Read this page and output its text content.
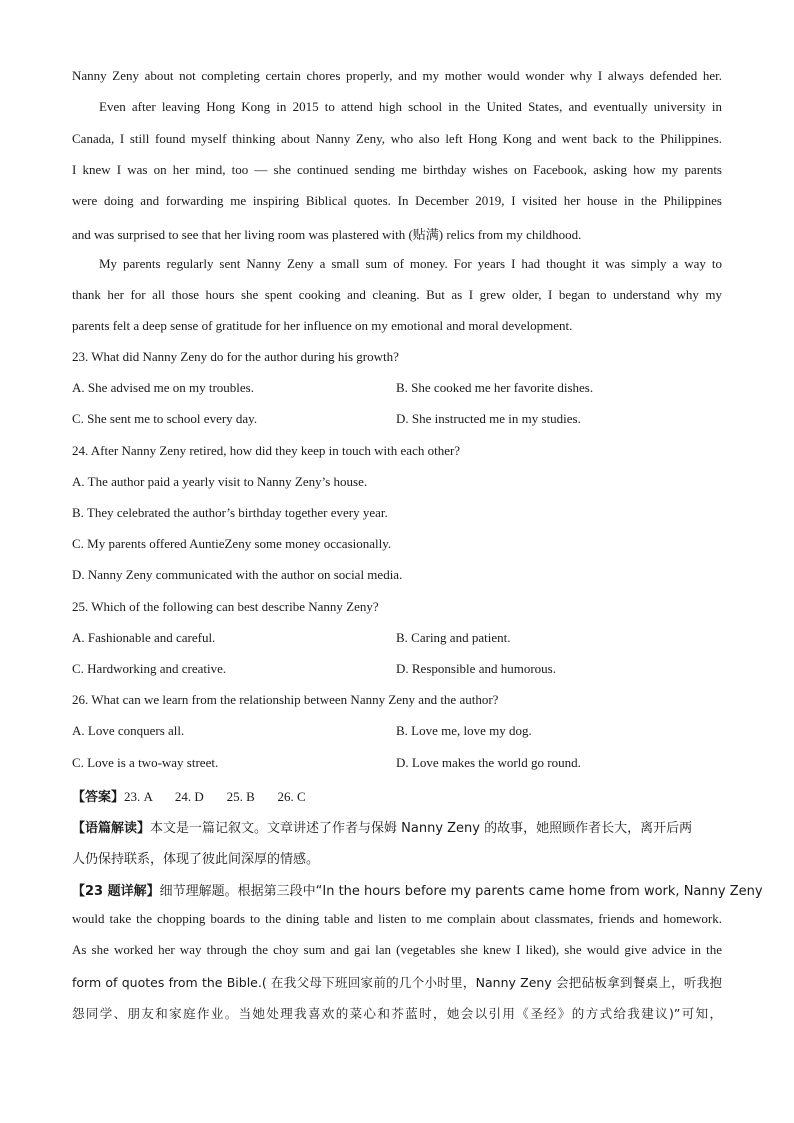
Nanny Zeny about not completing certain chores properly, and my mother would wonder why I always defended her.
Even after leaving Hong Kong in 2015 to attend high school in the United States, and eventually university in
Canada, I still found myself thinking about Nanny Zeny, who also left Hong Kong and went back to the Philippines.
I knew I was on her mind, too — she continued sending me birthday wishes on Facebook, asking how my parents
were doing and forwarding me inspiring Biblical quotes. In December 2019, I visited her house in the Philippines
and was surprised to see that her living room was plastered with (贴满) relics from my childhood.
My parents regularly sent Nanny Zeny a small sum of money. For years I had thought it was simply a way to
thank her for all those hours she spent cooking and cleaning. But as I grew older, I began to understand why my
parents felt a deep sense of gratitude for her influence on my emotional and moral development.
23. What did Nanny Zeny do for the author during his growth?
A. She advised me on my troubles.	B. She cooked me her favorite dishes.
C. She sent me to school every day.	D. She instructed me in my studies.
24. After Nanny Zeny retired, how did they keep in touch with each other?
A. The author paid a yearly visit to Nanny Zeny’s house.
B. They celebrated the author’s birthday together every year.
C. My parents offered AuntieZeny some money occasionally.
D. Nanny Zeny communicated with the author on social media.
25. Which of the following can best describe Nanny Zeny?
A. Fashionable and careful.	B. Caring and patient.
C. Hardworking and creative.	D. Responsible and humorous.
26. What can we learn from the relationship between Nanny Zeny and the author?
A. Love conquers all.	B. Love me, love my dog.
C. Love is a two-way street.	D. Love makes the world go round.
【答案】23. A       24. D       25. B       26. C
【语篇解读】本文是一篇记叙文。文章讲述了作者与保姆 Nanny Zeny 的故事，她照顾作者长大，离开后两
人仍保持联系，体现了彼此间深厚的情感。
【23 题详解】细节理解题。根据第三段中“In the hours before my parents came home from work, Nanny Zeny
would take the chopping boards to the dining table and listen to me complain about classmates, friends and homework.
As she worked her way through the choy sum and gai lan (vegetables she knew I liked), she would give advice in the
form of quotes from the Bible.( 在我父母下班回家前的几个小时里，Nanny Zeny 会把砧板拿到餐桌上，听我抱
怨同学、朋友和家庭作业。当她处理我喜欢的菜心和芥蓝时，她会以引用《圣经》的方式给我建议)”可知，
